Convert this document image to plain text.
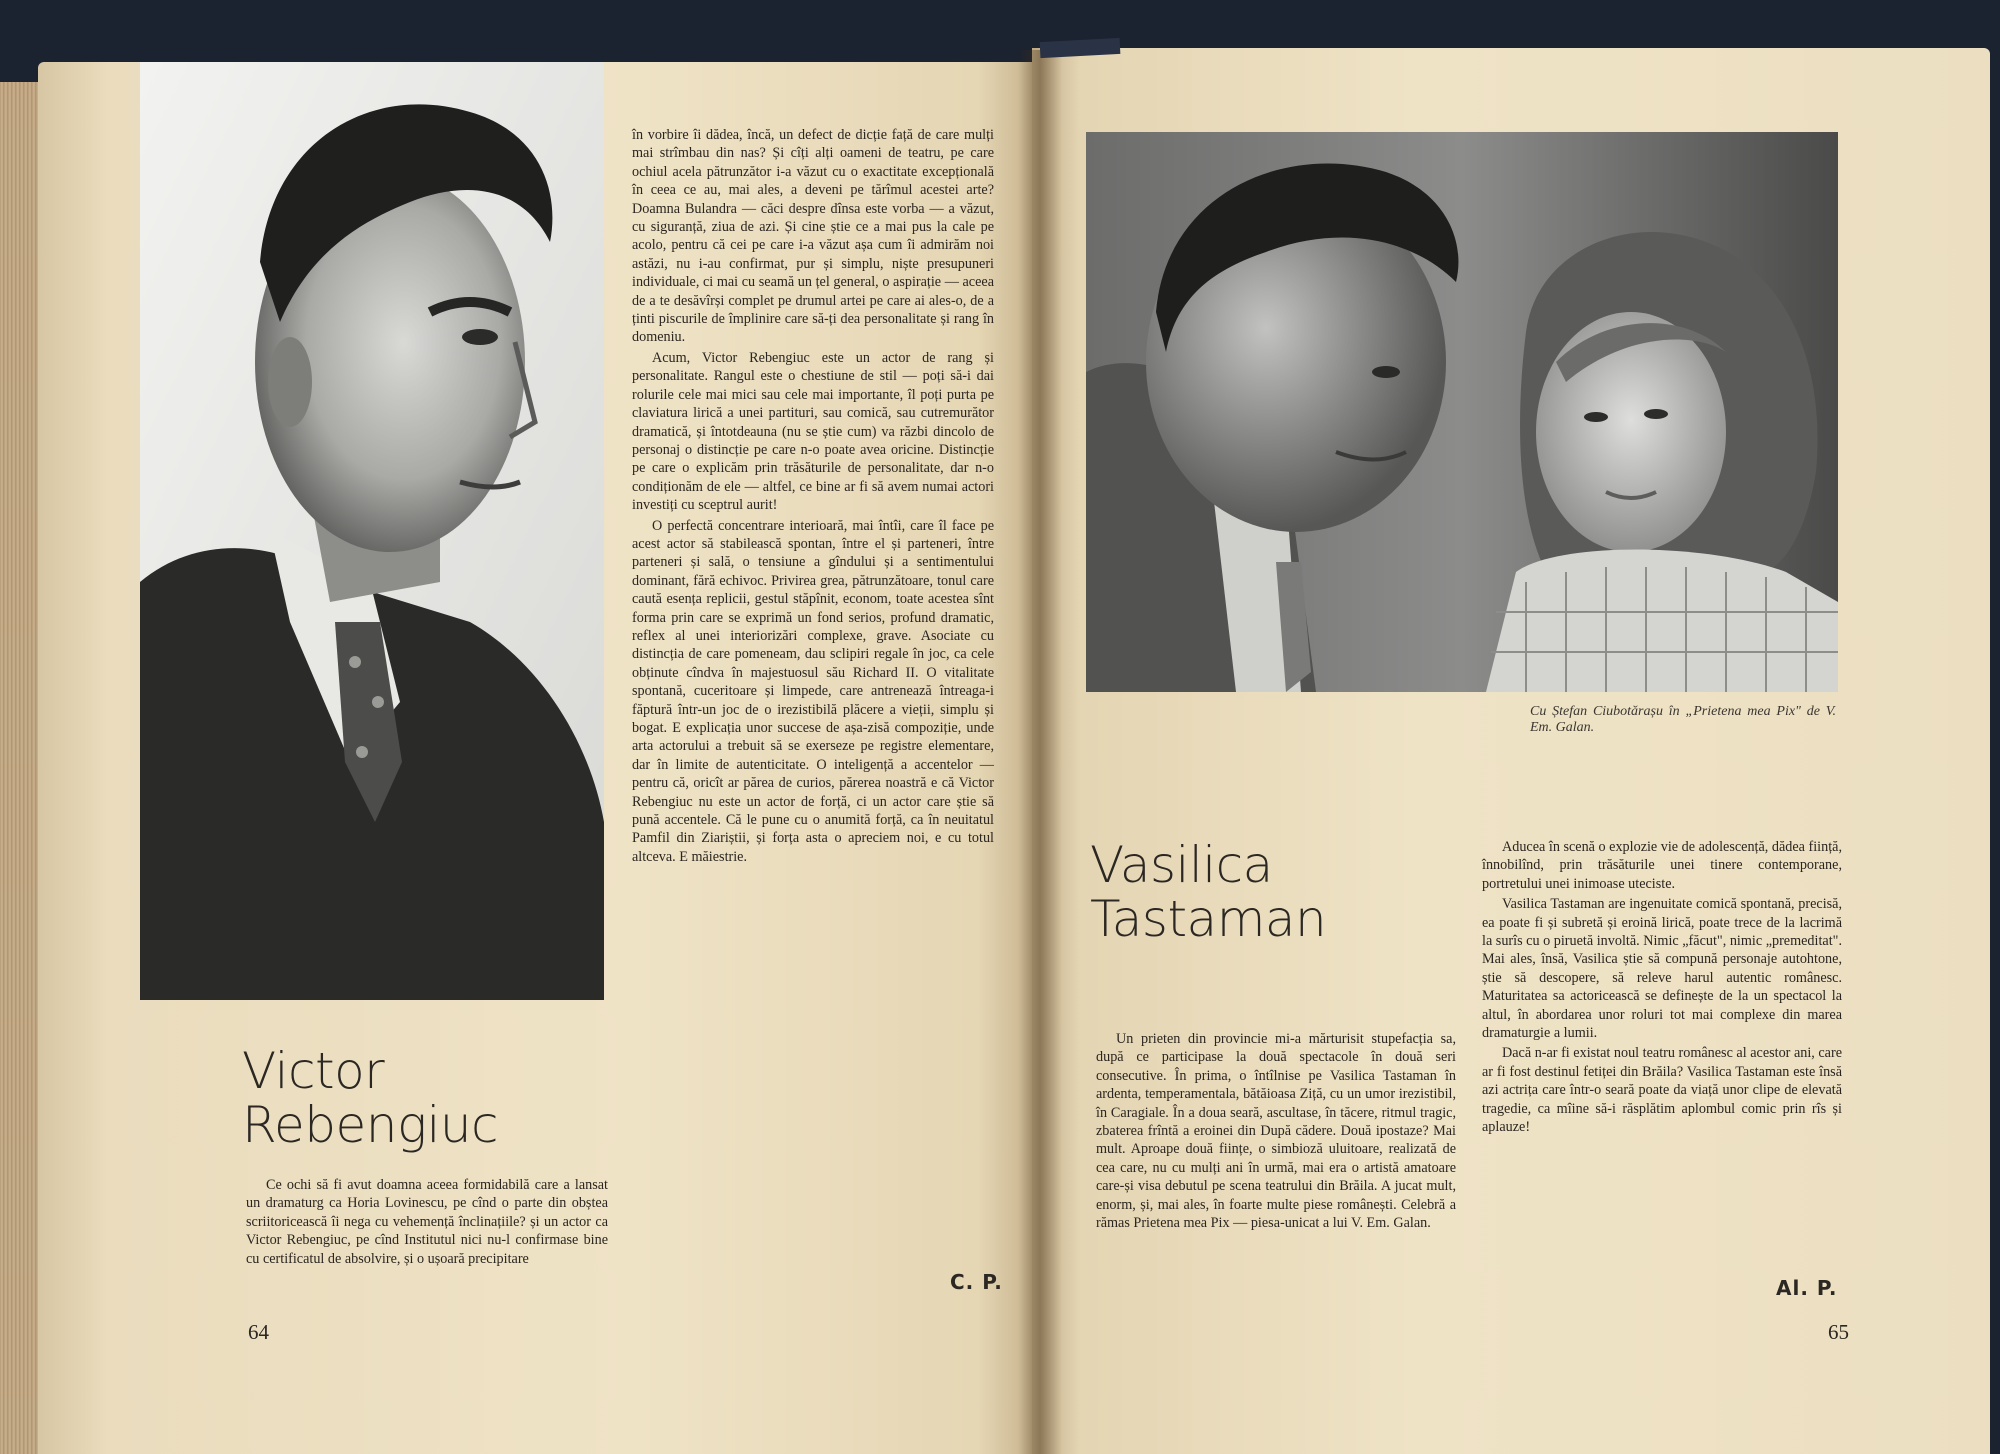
Victor
Rebengiuc

Ce ochi să fi avut doamna aceea formidabilă care a lansat un dramaturg ca Horia Lovinescu, pe cînd o parte din obștea scriitoricească îi nega cu vehemență înclinațiile? și un actor ca Victor Rebengiuc, pe cînd Institutul nici nu-l confirmase bine cu certificatul de absolvire, și o ușoară precipitare

în vorbire îi dădea, încă, un defect de dicție față de care mulți mai strîmbau din nas? Și cîți alți oameni de teatru, pe care ochiul acela pătrunzător i-a văzut cu o exactitate excepțională în ceea ce au, mai ales, a deveni pe tărîmul acestei arte? Doamna Bulandra — căci despre dînsa este vorba — a văzut, cu siguranță, ziua de azi. Și cine știe ce a mai pus la cale pe acolo, pentru că cei pe care i-a văzut așa cum îi admirăm noi astăzi, nu i-au confirmat, pur și simplu, niște presupuneri individuale, ci mai cu seamă un țel general, o aspirație — aceea de a te desăvîrși complet pe drumul artei pe care ai ales-o, de a ținti piscurile de împlinire care să-ți dea personalitate și rang în domeniu.

Acum, Victor Rebengiuc este un actor de rang și personalitate. Rangul este o chestiune de stil — poți să-i dai rolurile cele mai mici sau cele mai importante, îl poți purta pe claviatura lirică a unei partituri, sau comică, sau cutremurător dramatică, și întotdeauna (nu se știe cum) va răzbi dincolo de personaj o distincție pe care n-o poate avea oricine. Distincție pe care o explicăm prin trăsăturile de personalitate, dar n-o condiționăm de ele — altfel, ce bine ar fi să avem numai actori investiți cu sceptrul aurit!

O perfectă concentrare interioară, mai întîi, care îl face pe acest actor să stabilească spontan, între el și parteneri, între parteneri și sală, o tensiune a gîndului și a sentimentului dominant, fără echivoc. Privirea grea, pătrunzătoare, tonul care caută esența replicii, gestul stăpînit, econom, toate acestea sînt forma prin care se exprimă un fond serios, profund dramatic, reflex al unei interiorizări complexe, grave. Asociate cu distincția de care pomeneam, dau sclipiri regale în joc, ca cele obținute cîndva în majestuosul său Richard II. O vitalitate spontană, cuceritoare și limpede, care antrenează întreaga-i făptură într-un joc de o irezistibilă plăcere a vieții, simplu și bogat. E explicația unor succese de așa-zisă compoziție, unde arta actorului a trebuit să se exerseze pe registre elementare, dar în limite de autenticitate. O inteligență a accentelor — pentru că, oricît ar părea de curios, părerea noastră e că Victor Rebengiuc nu este un actor de forță, ci un actor care știe să pună accentele. Că le pune cu o anumită forță, ca în neuitatul Pamfil din Ziariștii, și forța asta o apreciem noi, e cu totul altceva. E măiestrie.

C. P.
64
Cu Ștefan Ciubotărașu în „Prietena mea Pix" de V. Em. Galan.
Vasilica
Tastaman

Un prieten din provincie mi-a mărturisit stupefacția sa, după ce participase la două spectacole în două seri consecutive. În prima, o întîlnise pe Vasilica Tastaman în ardenta, temperamentala, bătăioasa Ziță, cu un umor irezistibil, în Caragiale. În a doua seară, ascultase, în tăcere, ritmul tragic, zbaterea frîntă a eroinei din După cădere. Două ipostaze? Mai mult. Aproape două ființe, o simbioză uluitoare, realizată de cea care, nu cu mulți ani în urmă, mai era o artistă amatoare care-și visa debutul pe scena teatrului din Brăila. A jucat mult, enorm, și, mai ales, în foarte multe piese românești. Celebră a rămas Prietena mea Pix — piesa-unicat a lui V. Em. Galan.

Aducea în scenă o explozie vie de adolescență, dădea ființă, înnobilînd, prin trăsăturile unei tinere contemporane, portretului unei inimoase uteciste.

Vasilica Tastaman are ingenuitate comică spontană, precisă, ea poate fi și subretă și eroină lirică, poate trece de la lacrimă la surîs cu o piruetă involtă. Nimic „făcut", nimic „premeditat". Mai ales, însă, Vasilica știe să compună personaje autohtone, știe să descopere, să releve harul autentic românesc. Maturitatea sa actoricească se definește de la un spectacol la altul, în abordarea unor roluri tot mai complexe din marea dramaturgie a lumii.

Dacă n-ar fi existat noul teatru românesc al acestor ani, care ar fi fost destinul fetiței din Brăila? Vasilica Tastaman este însă azi actrița care într-o seară poate da viață unor clipe de elevată tragedie, ca mîine să-i răsplătim aplombul comic prin rîs și aplauze!

Al. P.
65
